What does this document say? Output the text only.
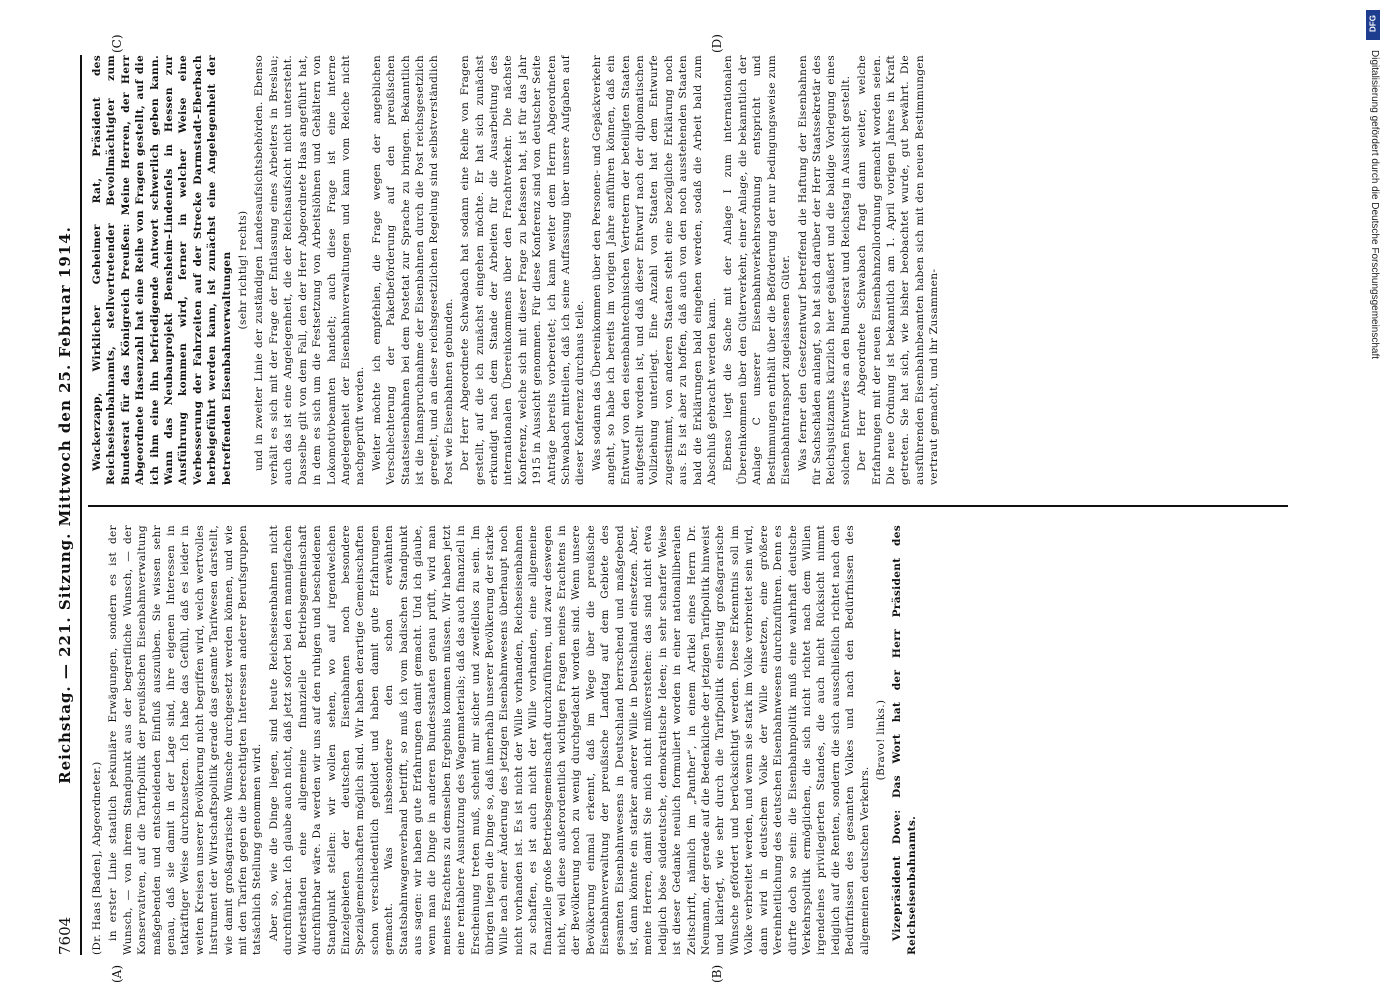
7604
Reichstag. — 221. Sitzung. Mittwoch den 25. Februar 1914.

(Dr. Haas [Baden], Abgeordneter.) in erster Linie staatlich pekuniäre Erwägungen, sondern es ist der Wunsch, — von ihrem Standpunkt aus der begreifliche Wunsch, — der Konservativen, auf die Tarifpolitik der preußischen Eisenbahnverwaltung maßgebenden und entscheidenden Einfluß auszuüben. Sie wissen sehr genau, daß sie damit in der Lage sind, ihre eigenen Interessen in tatkräftiger Weise durchzusetzen. Ich habe das Gefühl, daß es leider in weiten Kreisen unserer Bevölkerung nicht begriffen wird, welch wertvolles Instrument der Wirtschaftspolitik gerade das gesamte Tarifwesen darstellt, wie damit großagrarische Wünsche durchgesetzt werden können, und wie mit den Tarifen gegen die berechtigten Interessen anderer Berufsgruppen tatsächlich Stellung genommen wird. Aber so, wie die Dinge liegen, sind heute Reichseisenbahnen nicht durchführbar. Ich glaube auch nicht, daß jetzt sofort bei den mannigfachen Widerständen eine allgemeine finanzielle Betriebsgemeinschaft durchführbar wäre. Da werden wir uns auf den ruhigen und bescheidenen Standpunkt stellen: wir wollen sehen, wo auf irgendwelchen Einzelgebieten der deutschen Eisenbahnen noch besondere Spezialgemeinschaften möglich sind. Wir haben derartige Gemeinschaften schon verschiedentlich gebildet und haben damit gute Erfahrungen gemacht. Was insbesondere den schon erwähnten Staatsbahnwagenverband betrifft, so muß ich vom badischen Standpunkt aus sagen: wir haben gute Erfahrungen damit gemacht. Und ich glaube, wenn man die Dinge in anderen Bundesstaaten genau prüft, wird man meines Erachtens zu demselben Ergebnis kommen müssen. Wir haben jetzt eine rentablere Ausnutzung des Wagenmaterials; daß das auch finanziell in Erscheinung treten muß, scheint mir sicher und zweifellos zu sein. Im übrigen liegen die Dinge so, daß innerhalb unserer Bevölkerung der starke Wille nach einer Änderung des jetzigen Eisenbahnwesens überhaupt noch nicht vorhanden ist. Es ist nicht der Wille vorhanden, Reichseisenbahnen zu schaffen, es ist auch nicht der Wille vorhanden, eine allgemeine finanzielle große Betriebsgemeinschaft durchzuführen, und zwar deswegen nicht, weil diese außerordentlich wichtigen Fragen meines Erachtens in der Bevölkerung noch zu wenig durchgedacht worden sind. Wenn unsere Bevölkerung einmal erkennt, daß im Wege über die preußische Eisenbahnverwaltung der preußische Landtag auf dem Gebiete des gesamten Eisenbahnwesens in Deutschland herrschend und maßgebend ist, dann könnte ein starker anderer Wille in Deutschland einsetzen. Aber, meine Herren, damit Sie mich nicht mißverstehen: das sind nicht etwa lediglich böse süddeutsche, demokratische Ideen; in sehr scharfer Weise ist dieser Gedanke neulich formuliert worden in einer nationalliberalen Zeitschrift, nämlich im „Panther“, in einem Artikel eines Herrn Dr. Neumann, der gerade auf die Bedenkliche der jetzigen Tarifpolitik hinweist und klarlegt, wie sehr durch die Tarifpolitik einseitig großagrarische Wünsche gefördert und berücksichtigt werden. Diese Erkenntnis soll im Volke verbreitet werden, und wenn sie stark im Volke verbreitet sein wird, dann wird in deutschem Volke der Wille einsetzen, eine größere Vereinheitlichung des deutschen Eisenbahnwesens durchzuführen. Denn es dürfte doch so sein: die Eisenbahnpolitik muß eine wahrhaft deutsche Verkehrspolitik ermöglichen, die sich nicht richtet nach dem Willen irgendeines privilegierten Standes, die auch nicht Rücksicht nimmt lediglich auf die Renten, sondern die sich ausschließlich richtet nach den Bedürfnissen des gesamten Volkes und nach den Bedürfnissen des allgemeinen deutschen Verkehrs.

(Bravo! links.) Vizepräsident Dove: Das Wort hat der Herr Präsident des Reichseisenbahnamts.

Wackerzapp, Wirklicher Geheimer Rat, Präsident des Reichseisenbahnamts, stellvertretender Bevollmächtigter zum Bundesrat für das Königreich Preußen: Meine Herren, der Herr Abgeordnete Hasenzahl hat eine Reihe von Fragen gestellt, auf die ich ihm eine ihn befriedigende Antwort schwerlich geben kann. Wann das Neubauprojekt Bensheim–Lindenfels in Hessen zur Ausführung kommen wird, ferner in welcher Weise eine Verbesserung der Fahrzeiten auf der Strecke Darmstadt–Eberbach herbeigeführt werden kann, ist zunächst eine Angelegenheit der betreffenden Eisenbahnverwaltungen (sehr richtig! rechts) und in zweiter Linie der zuständigen Landesaufsichtsbehörden. Ebenso verhält es sich mit der Frage der Entlassung eines Arbeiters in Breslau; auch das ist eine Angelegenheit, die der Reichsaufsicht nicht untersteht. Dasselbe gilt von dem Fall, den der Herr Abgeordnete Haas angeführt hat, in dem es sich um die Festsetzung von Arbeitslöhnen und Gehältern von Lokomotivbeamten handelt; auch diese Frage ist eine interne Angelegenheit der Eisenbahnverwaltungen und kann vom Reiche nicht nachgeprüft werden. Weiter möchte ich empfehlen, die Frage wegen der angeblichen Verschlechterung der Paketbeförderung auf den preußischen Staatseisenbahnen bei dem Postetat zur Sprache zu bringen. Bekanntlich ist die Inanspruchnahme der Eisenbahnen durch die Post reichsgesetzlich geregelt, und an diese reichsgesetzlichen Regelung sind selbstverständlich Post wie Eisenbahnen gebunden. Der Herr Abgeordnete Schwabach hat sodann eine Reihe von Fragen gestellt, auf die ich zunächst eingehen möchte. Er hat sich zunächst erkundigt nach dem Stande der Arbeiten für die Ausarbeitung des internationalen Übereinkommens über den Frachtverkehr. Die nächste Konferenz, welche sich mit dieser Frage zu befassen hat, ist für das Jahr 1915 in Aussicht genommen. Für diese Konferenz sind von deutscher Seite Anträge bereits vorbereitet; ich kann weiter dem Herrn Abgeordneten Schwabach mitteilen, daß ich seine Auffassung über unsere Aufgaben auf dieser Konferenz durchaus teile. Was sodann das Übereinkommen über den Personen- und Gepäckverkehr angeht, so habe ich bereits im vorigen Jahre anführen können, daß ein Entwurf von den eisenbahntechnischen Vertretern der beteiligten Staaten aufgestellt worden ist, und daß dieser Entwurf nach der diplomatischen Vollziehung unterliegt. Eine Anzahl von Staaten hat dem Entwurfe zugestimmt, von anderen Staaten steht eine bezügliche Erklärung noch aus. Es ist aber zu hoffen, daß auch von den noch ausstehenden Staaten bald die Erklärungen bald eingehen werden, sodaß die Arbeit bald zum Abschluß gebracht werden kann. Ebenso liegt die Sache mit der Anlage I zum internationalen Übereinkommen über den Güterverkehr, einer Anlage, die bekanntlich der Anlage C unserer Eisenbahnverkehrsordnung entspricht und Bestimmungen enthält über die Beförderung der nur bedingungsweise zum Eisenbahntransport zugelassenen Güter. Was ferner den Gesetzentwurf betreffend die Haftung der Eisenbahnen für Sachschäden anlangt, so hat sich darüber der Herr Staatssekretär des Reichsjustizamts kürzlich hier geäußert und die baldige Vorlegung eines solchen Entwurfes an den Bundesrat und Reichstag in Aussicht gestellt. Der Herr Abgeordnete Schwabach fragt dann weiter, welche Erfahrungen mit der neuen Eisenbahnzollordnung gemacht worden seien. Die neue Ordnung ist bekanntlich am 1. April vorigen Jahres in Kraft getreten. Sie hat sich, wie bisher beobachtet wurde, gut bewährt. Die ausführenden Eisenbahnbeamten haben sich mit den neuen Bestimmungen vertraut gemacht, und ihr Zusammen-

(A)	(B)
(C)	(D)
DFG
Digitalisierung gefördert durch die Deutsche Forschungsgemeinschaft
